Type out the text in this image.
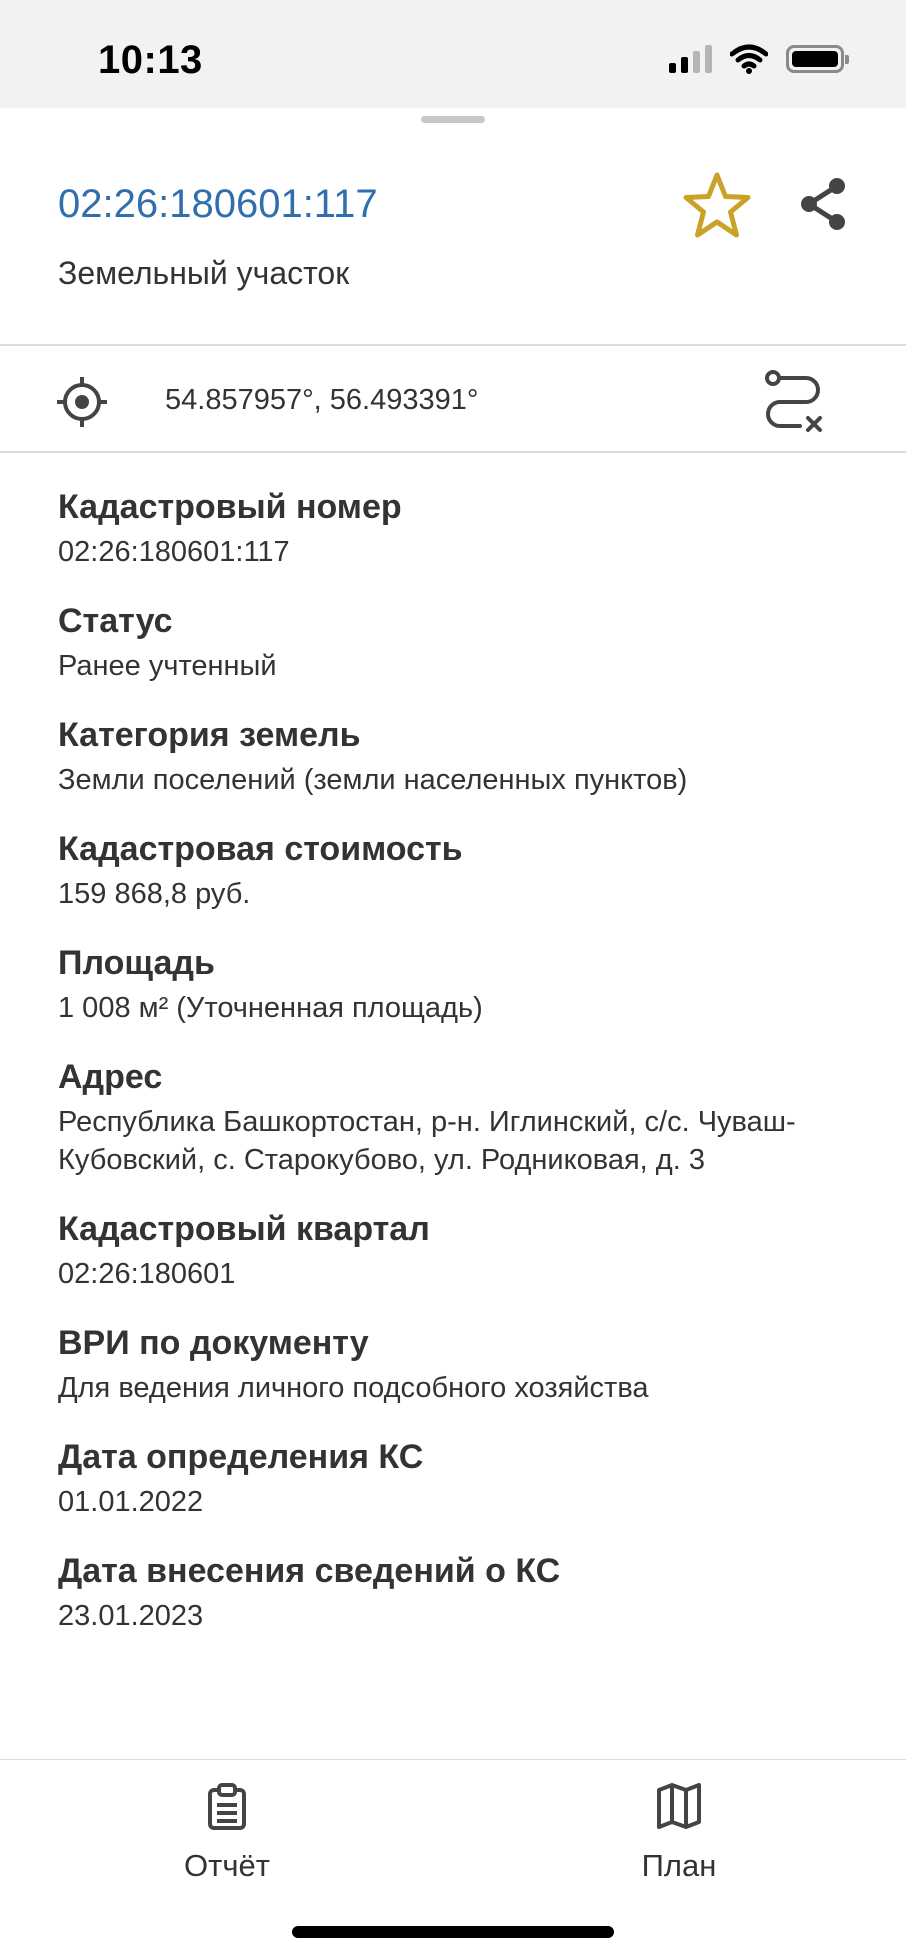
10:13
02:26:180601:117
Земельный участок
54.857957°, 56.493391°
Кадастровый номер
02:26:180601:117
Статус
Ранее учтенный
Категория земель
Земли поселений (земли населенных пунктов)
Кадастровая стоимость
159 868,8 руб.
Площадь
1 008 м² (Уточненная площадь)
Адрес
Республика Башкортостан, р-н. Иглинский, с/с. Чуваш-Кубовский, с. Старокубово, ул. Родниковая, д. 3
Кадастровый квартал
02:26:180601
ВРИ по документу
Для ведения личного подсобного хозяйства
Дата определения КС
01.01.2022
Дата внесения сведений о КС
23.01.2023
Отчёт	План
